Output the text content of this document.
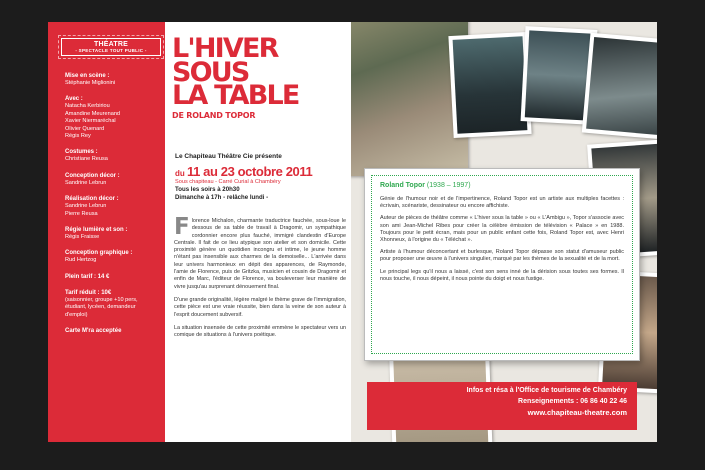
THÉATRE
- SPECTACLE TOUT PUBLIC -
Mise en scène :
Stéphanie Miglionini
Avec :
Natacha Kerbiriou
Amandine Meurenand
Xavier Niermaréchal
Olivier Quenard
Régis Rey
Costumes :
Christiane Reusa
Conception décor :
Sandrine Lebrun
Réalisation décor :
Sandrine Lebrun
Pierre Reusa
Régie lumière et son :
Régis Fraisse
Conception graphique :
Rud Hertzog
Plein tarif : 14 €
Tarif réduit : 10€
(saisonnier, groupe +10 pers,
étudiant, lycéen, demandeur
d'emploi)
Carte M'ra acceptée
L'HIVER
SOUS
LA TABLE
DE ROLAND TOPOR
Le Chapiteau Théâtre Cie présente
du 11 au 23 octobre 2011
Sous chapiteau - Carré Curial à Chambéry
Tous les soirs à 20h30
Dimanche à 17h - relâche lundi -

Florence Michalon, charmante traductrice fauchée, sous-loue le dessous de sa table de travail à Dragomir, un sympathique cordonnier encore plus fauché, immigré clandestin d'Europe Centrale. Il fait de ce lieu atypique son atelier et son domicile. Cette proximité génère un quotidien incongru et intime, le jeune homme n'étant pas insensible aux charmes de la demoiselle... L'arrivée dans leur univers harmonieux en dépit des apparences, de Raymonde, l'amie de Florence, puis de Gritzka, musicien et cousin de Dragomir et enfin de Marc, l'éditeur de Florence, va bouleverser leur manière de vivre jusqu'au surprenant dénouement final.

D'une grande originalité, légère malgré le thème grave de l'immigration, cette pièce est une vraie réussite, bien dans la veine de son auteur à l'esprit doucement subversif.

La situation insensée de cette proximité emmène le spectateur vers un comique de situations à l'univers poétique.

Roland Topor (1938 – 1997)

Génie de l'humour noir et de l'impertinence, Roland Topor est un artiste aux multiples facettes : écrivain, scénariste, dessinateur ou encore affichiste.

Auteur de pièces de théâtre comme « L'hiver sous la table » ou « L'Ambigu », Topor s'associe avec son ami Jean-Michel Ribes pour créer la célèbre émission de télévision « Palace » en 1988. Toujours pour le petit écran, mais pour un public enfant cette fois, Roland Topor est, avec Henri Xhonneux, à l'origine du « Téléchat ».

Artiste à l'humour déconcertant et burlesque, Roland Topor dépasse son statut d'amuseur public pour proposer une œuvre à l'univers singulier, marqué par les thèmes de la sexualité et de la mort.

Le principal legs qu'il nous a laissé, c'est son sens inné de la dérision sous toutes ses formes. Il nous touche, il nous dépeint, il nous pointe du doigt et nous fustige.

Infos et résa à l'Office de tourisme de Chambéry
Renseignements : 06 86 40 22 46
www.chapiteau-theatre.com
